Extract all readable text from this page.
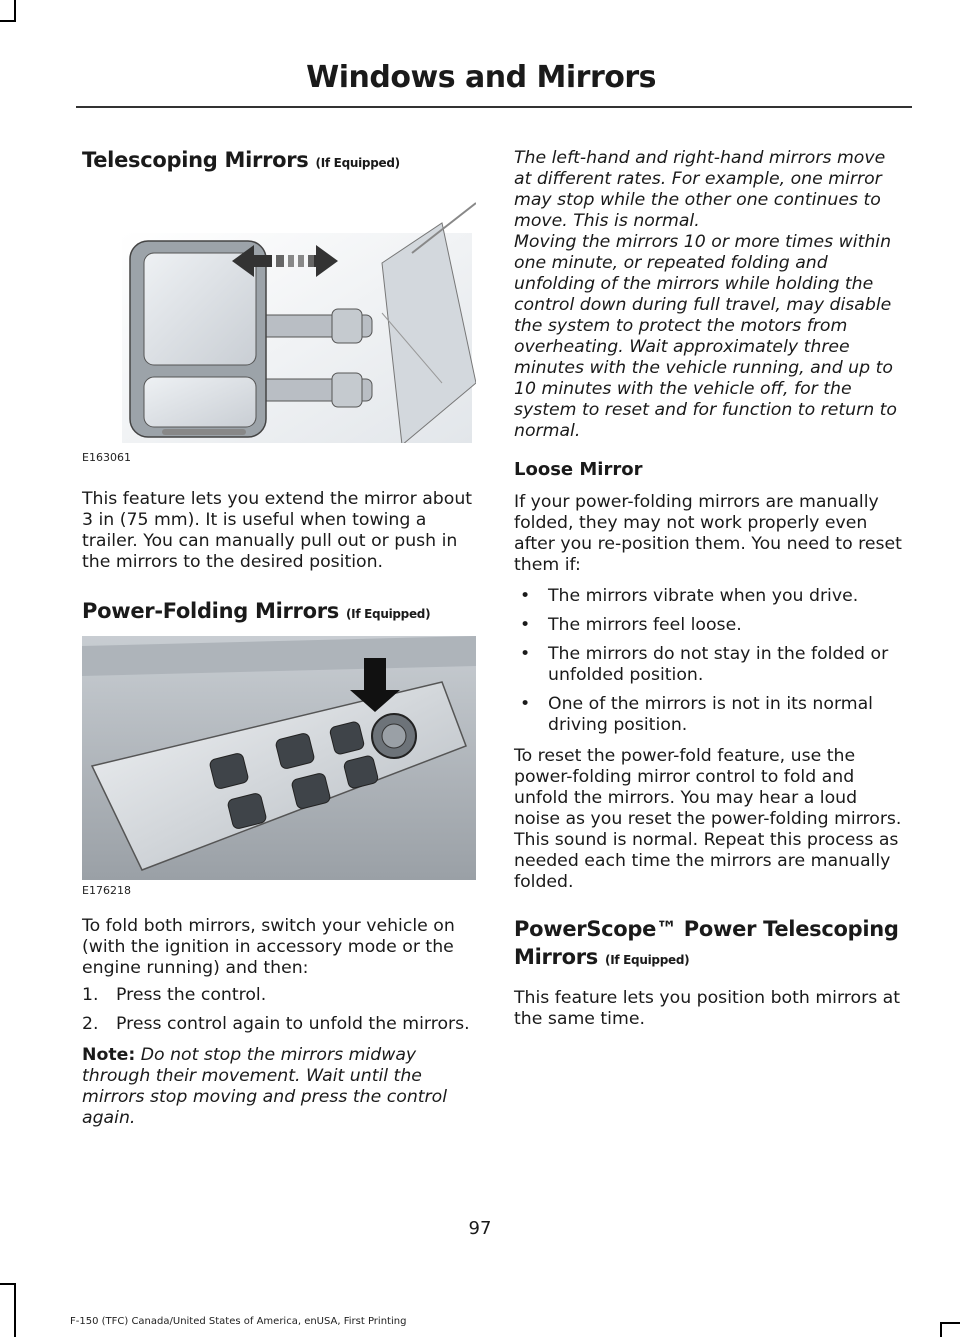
Windows and Mirrors
Telescoping Mirrors (If Equipped)
E163061

This feature lets you extend the mirror about 3 in (75 mm). It is useful when towing a trailer. You can manually pull out or push in the mirrors to the desired position.

Power-Folding Mirrors (If Equipped)
E176218

To fold both mirrors, switch your vehicle on (with the ignition in accessory mode or the engine running) and then:

1. Press the control.
2. Press control again to unfold the mirrors.

Note: Do not stop the mirrors midway through their movement. Wait until the mirrors stop moving and press the control again.

The left-hand and right-hand mirrors move at different rates. For example, one mirror may stop while the other one continues to move. This is normal.

Moving the mirrors 10 or more times within one minute, or repeated folding and unfolding of the mirrors while holding the control down during full travel, may disable the system to protect the motors from overheating. Wait approximately three minutes with the vehicle running, and up to 10 minutes with the vehicle off, for the system to reset and for function to return to normal.

Loose Mirror

If your power-folding mirrors are manually folded, they may not work properly even after you re-position them. You need to reset them if:

• The mirrors vibrate when you drive.
• The mirrors feel loose.
• The mirrors do not stay in the folded or unfolded position.
• One of the mirrors is not in its normal driving position.

To reset the power-fold feature, use the power-folding mirror control to fold and unfold the mirrors. You may hear a loud noise as you reset the power-folding mirrors. This sound is normal. Repeat this process as needed each time the mirrors are manually folded.

PowerScope™ Power Telescoping
Mirrors (If Equipped)

This feature lets you position both mirrors at the same time.

97
F-150 (TFC) Canada/United States of America, enUSA, First Printing
